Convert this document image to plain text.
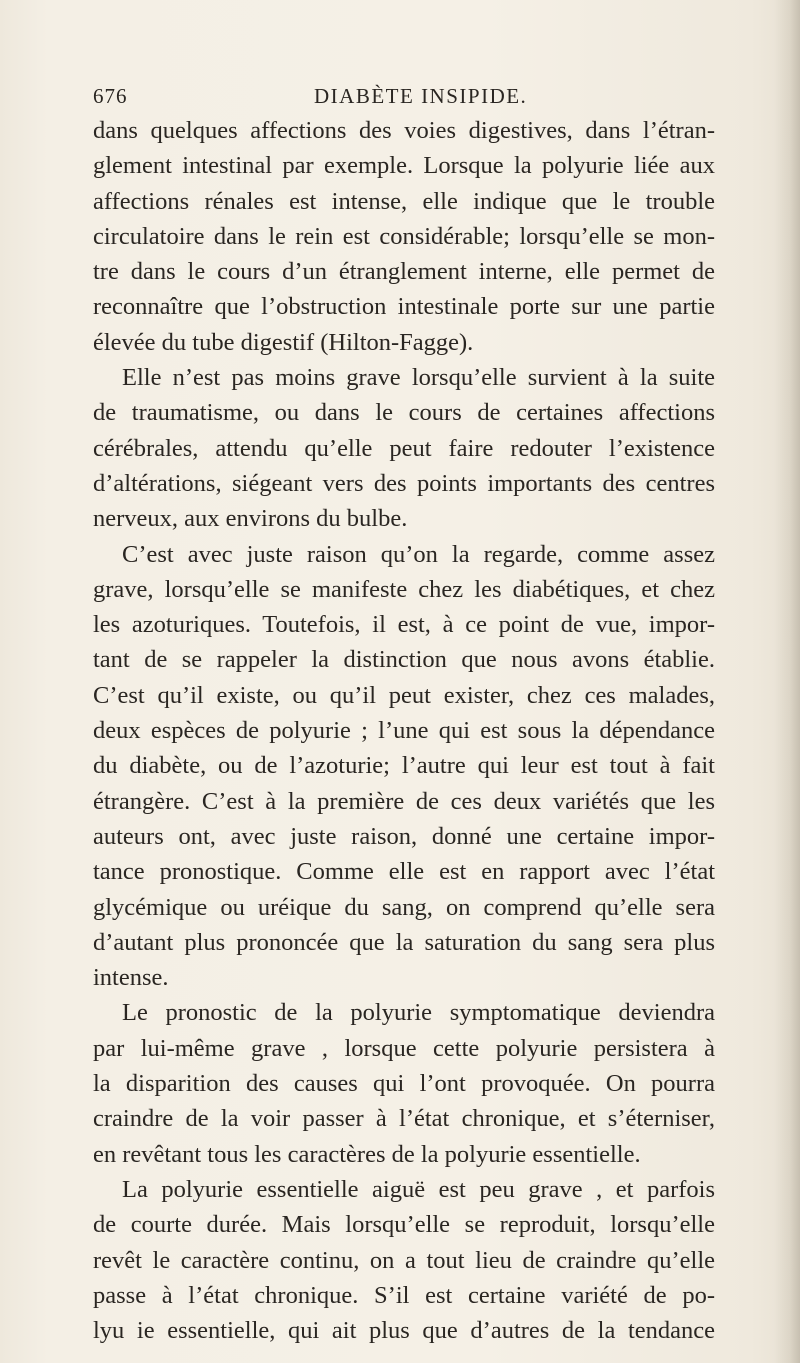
676	DIABÈTE INSIPIDE.
dans quelques affections des voies digestives, dans l’étran-
glement intestinal par exemple. Lorsque la polyurie liée aux
affections rénales est intense, elle indique que le trouble
circulatoire dans le rein est considérable; lorsqu’elle se mon-
tre dans le cours d’un étranglement interne, elle permet de
reconnaître que l’obstruction intestinale porte sur une partie
élevée du tube digestif (Hilton-Fagge).
Elle n’est pas moins grave lorsqu’elle survient à la suite
de traumatisme, ou dans le cours de certaines affections
cérébrales, attendu qu’elle peut faire redouter l’existence
d’altérations, siégeant vers des points importants des centres
nerveux, aux environs du bulbe.
C’est avec juste raison qu’on la regarde, comme assez
grave, lorsqu’elle se manifeste chez les diabétiques, et chez
les azoturiques. Toutefois, il est, à ce point de vue, impor-
tant de se rappeler la distinction que nous avons établie.
C’est qu’il existe, ou qu’il peut exister, chez ces malades,
deux espèces de polyurie ; l’une qui est sous la dépendance
du diabète, ou de l’azoturie; l’autre qui leur est tout à fait
étrangère. C’est à la première de ces deux variétés que les
auteurs ont, avec juste raison, donné une certaine impor-
tance pronostique. Comme elle est en rapport avec l’état
glycémique ou uréique du sang, on comprend qu’elle sera
d’autant plus prononcée que la saturation du sang sera plus
intense.
Le pronostic de la polyurie symptomatique deviendra
par lui-même grave , lorsque cette polyurie persistera à
la disparition des causes qui l’ont provoquée. On pourra
craindre de la voir passer à l’état chronique, et s’éterniser,
en revêtant tous les caractères de la polyurie essentielle.
La polyurie essentielle aiguë est peu grave , et parfois
de courte durée. Mais lorsqu’elle se reproduit, lorsqu’elle
revêt le caractère continu, on a tout lieu de craindre qu’elle
passe à l’état chronique. S’il est certaine variété de po-
lyu ie essentielle, qui ait plus que d’autres de la tendance
